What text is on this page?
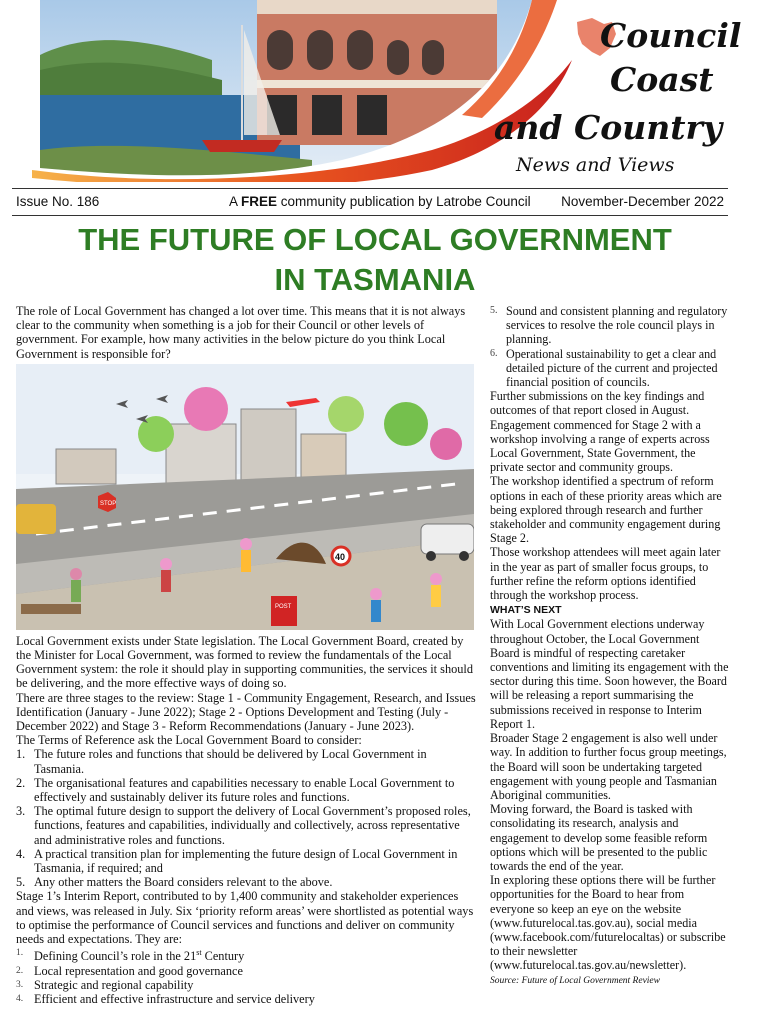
Council
Coast
and Country
News and Views
Issue No. 186	A FREE community publication by Latrobe Council November-December 2022
THE FUTURE OF LOCAL GOVERNMENT
IN TASMANIA

The role of Local Government has changed a lot over time. This means that it is not always clear to the community when something is a job for their Council or other levels of government. For example, how many activities in the below picture do you think Local Government is responsible for?

STOP
40
POST

Local Government exists under State legislation. The Local Government Board, created by the Minister for Local Government, was formed to review the fundamentals of the Local Government system: the role it should play in supporting communities, the services it should be delivering, and the more effective ways of doing so.

There are three stages to the review: Stage 1 - Community Engagement, Research, and Issues Identification (January - June 2022); Stage 2 - Options Development and Testing (July - December 2022) and Stage 3 - Reform Recommendations (January - June 2023).

The Terms of Reference ask the Local Government Board to consider:

1. The future roles and functions that should be delivered by Local Government in Tasmania.
2. The organisational features and capabilities necessary to enable Local Government to effectively and sustainably deliver its future roles and functions.
3. The optimal future design to support the delivery of Local Government’s proposed roles, functions, features and capabilities, individually and collectively, across representative and administrative roles and functions.
4. A practical transition plan for implementing the future design of Local Government in Tasmania, if required; and
5. Any other matters the Board considers relevant to the above.

Stage 1’s Interim Report, contributed to by 1,400 community and stakeholder experiences and views, was released in July. Six ‘priority reform areas’ were shortlisted as potential ways to optimise the performance of Council services and functions and deliver on community needs and expectations. They are:

1. Defining Council’s role in the 21st Century
2. Local representation and good governance
3. Strategic and regional capability
4. Efficient and effective infrastructure and service delivery
5. Sound and consistent planning and regulatory services to resolve the role council plays in planning.
6. Operational sustainability to get a clear and detailed picture of the current and projected financial position of councils.

Further submissions on the key findings and outcomes of that report closed in August.

Engagement commenced for Stage 2 with a workshop involving a range of experts across Local Government, State Government, the private sector and community groups.

The workshop identified a spectrum of reform options in each of these priority areas which are being explored through research and further stakeholder and community engagement during Stage 2.

Those workshop attendees will meet again later in the year as part of smaller focus groups, to further refine the reform options identified through the workshop process.

WHAT’S NEXT

With Local Government elections underway throughout October, the Local Government Board is mindful of respecting caretaker conventions and limiting its engagement with the sector during this time. Soon however, the Board will be releasing a report summarising the submissions received in response to Interim Report 1.

Broader Stage 2 engagement is also well under way. In addition to further focus group meetings, the Board will soon be undertaking targeted engagement with young people and Tasmanian Aboriginal communities.

Moving forward, the Board is tasked with consolidating its research, analysis and engagement to develop some feasible reform options which will be presented to the public towards the end of the year.

In exploring these options there will be further opportunities for the Board to hear from everyone so keep an eye on the website (www.futurelocal.tas.gov.au), social media (www.facebook.com/futurelocaltas) or subscribe to their newsletter (www.futurelocal.tas.gov.au/newsletter).

Source: Future of Local Government Review
